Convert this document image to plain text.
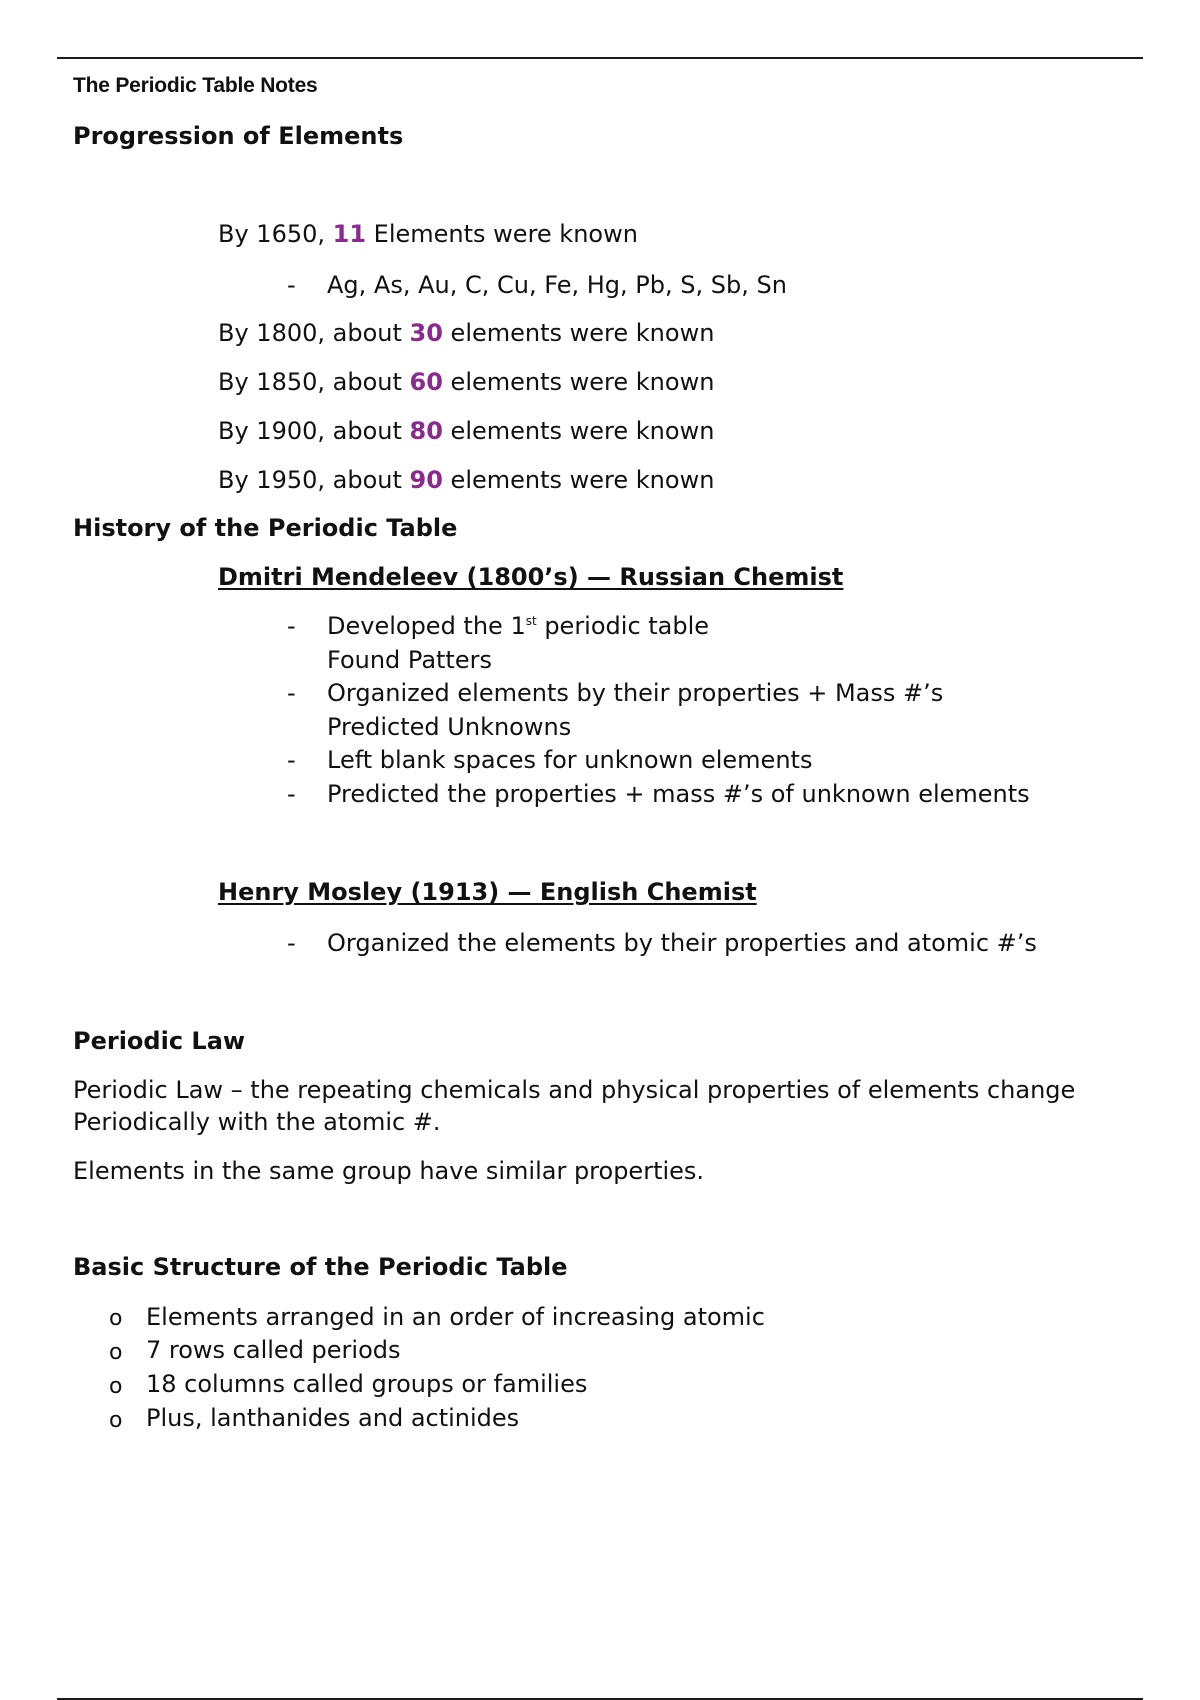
The Periodic Table Notes
Progression of Elements
By 1650, 11 Elements were known
- Ag, As, Au, C, Cu, Fe, Hg, Pb, S, Sb, Sn
By 1800, about 30 elements were known
By 1850, about 60 elements were known
By 1900, about 80 elements were known
By 1950, about 90 elements were known
History of the Periodic Table
Dmitri Mendeleev (1800’s) — Russian Chemist
- Developed the 1st periodic table
Found Patters
- Organized elements by their properties + Mass #’s
Predicted Unknowns
- Left blank spaces for unknown elements
- Predicted the properties + mass #’s of unknown elements
Henry Mosley (1913) — English Chemist
- Organized the elements by their properties and atomic #’s
Periodic Law
Periodic Law – the repeating chemicals and physical properties of elements change
Periodically with the atomic #.
Elements in the same group have similar properties.
Basic Structure of the Periodic Table
o Elements arranged in an order of increasing atomic
o 7 rows called periods
o 18 columns called groups or families
o Plus, lanthanides and actinides
